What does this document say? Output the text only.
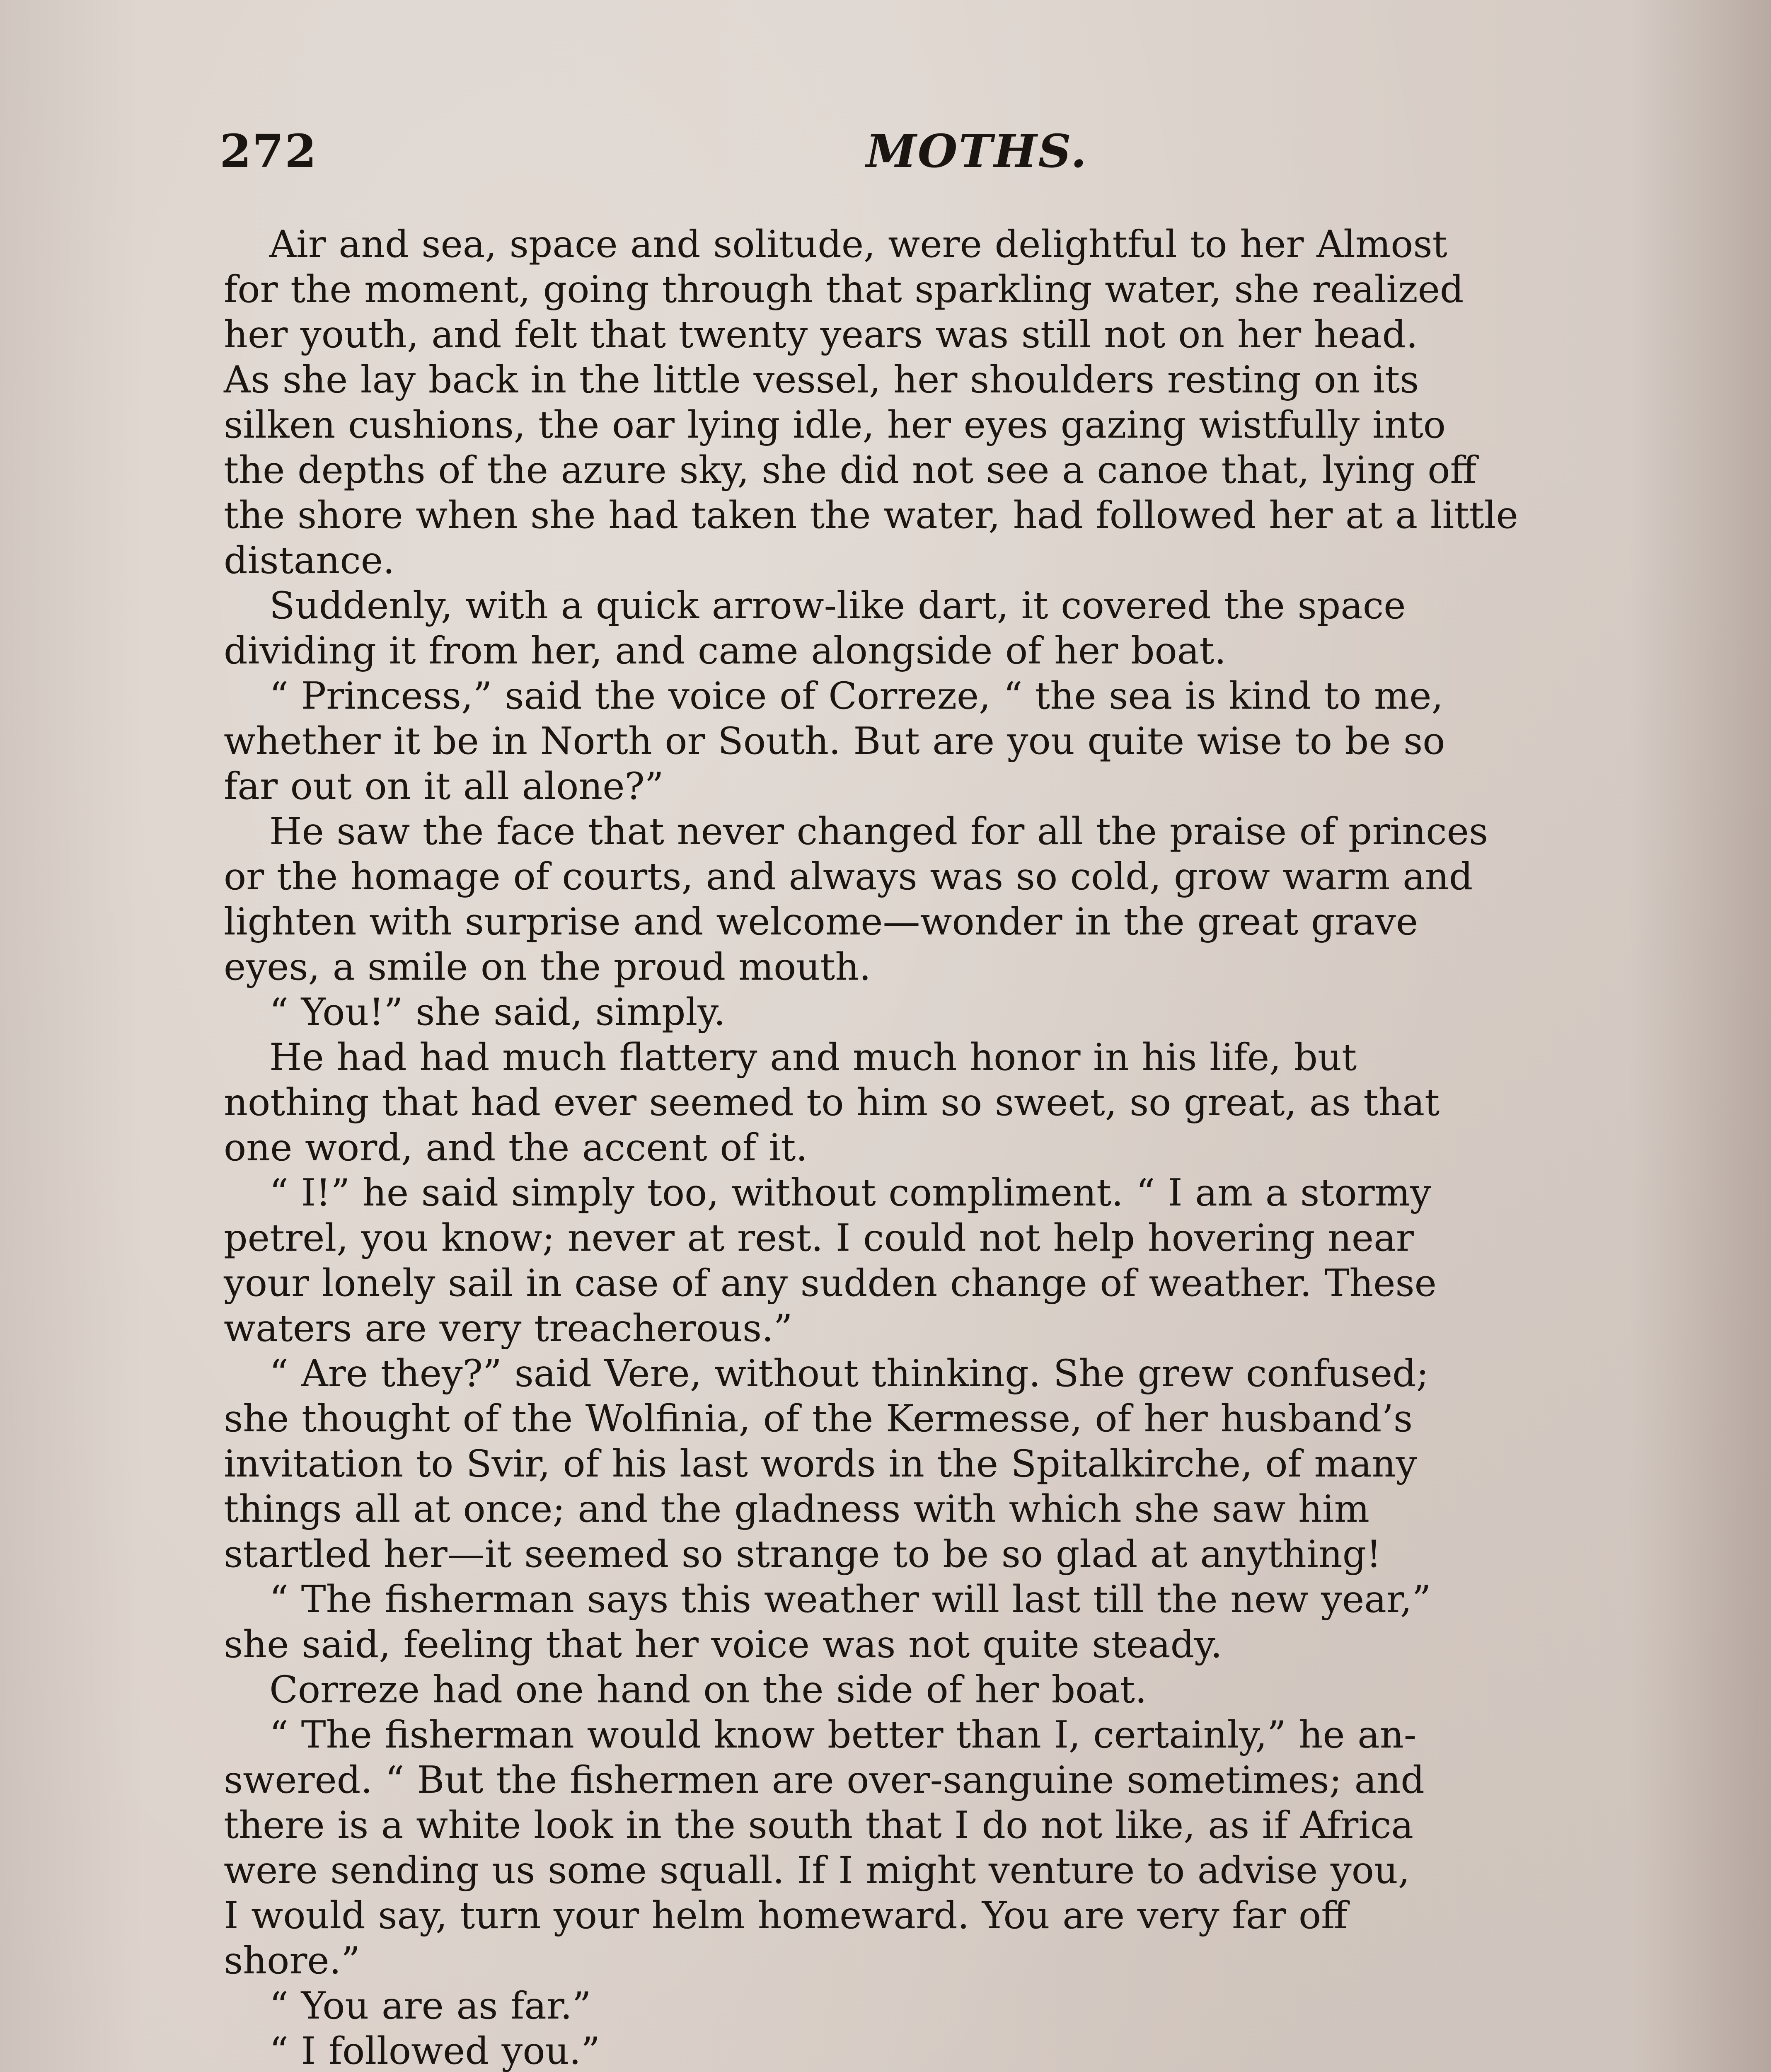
272	MOTHS.
Air and sea, space and solitude, were delightful to her Almost
for the moment, going through that sparkling water, she realized
her youth, and felt that twenty years was still not on her head.
As she lay back in the little vessel, her shoulders resting on its
silken cushions, the oar lying idle, her eyes gazing wistfully into
the depths of the azure sky, she did not see a canoe that, lying off
the shore when she had taken the water, had followed her at a little
distance.
Suddenly, with a quick arrow-like dart, it covered the space
dividing it from her, and came alongside of her boat.
“ Princess,” said the voice of Correze, “ the sea is kind to me,
whether it be in North or South. But are you quite wise to be so
far out on it all alone?”
He saw the face that never changed for all the praise of princes
or the homage of courts, and always was so cold, grow warm and
lighten with surprise and welcome—wonder in the great grave
eyes, a smile on the proud mouth.
“ You!” she said, simply.
He had had much flattery and much honor in his life, but
nothing that had ever seemed to him so sweet, so great, as that
one word, and the accent of it.
“ I!” he said simply too, without compliment. “ I am a stormy
petrel, you know; never at rest. I could not help hovering near
your lonely sail in case of any sudden change of weather. These
waters are very treacherous.”
“ Are they?” said Vere, without thinking. She grew confused;
she thought of the Wolfinia, of the Kermesse, of her husband’s
invitation to Svir, of his last words in the Spitalkirche, of many
things all at once; and the gladness with which she saw him
startled her—it seemed so strange to be so glad at anything!
“ The fisherman says this weather will last till the new year,”
she said, feeling that her voice was not quite steady.
Correze had one hand on the side of her boat.
“ The fisherman would know better than I, certainly,” he an-
swered. “ But the fishermen are over-sanguine sometimes; and
there is a white look in the south that I do not like, as if Africa
were sending us some squall. If I might venture to advise you,
I would say, turn your helm homeward. You are very far off
shore.”
“ You are as far.”
“ I followed you.”
